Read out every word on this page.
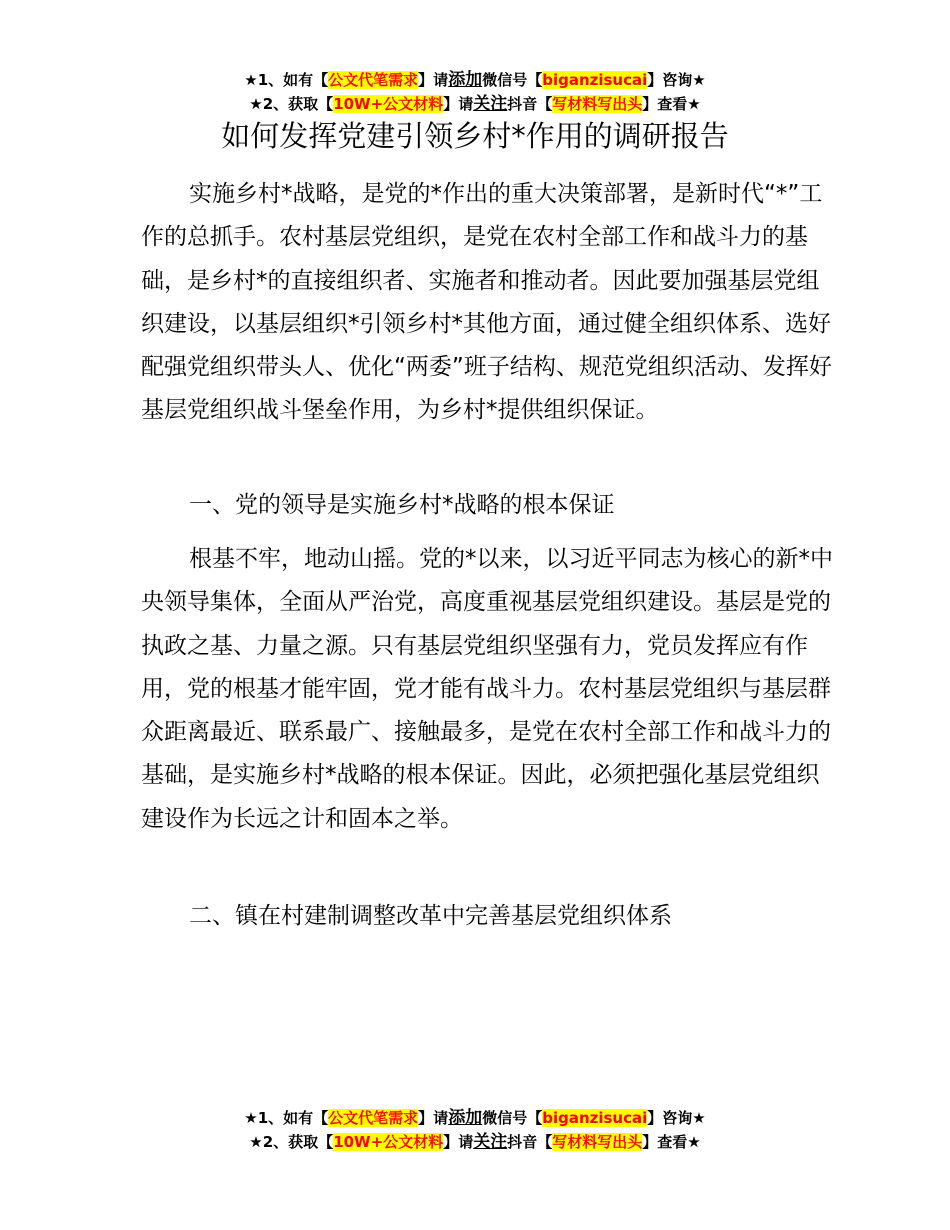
★1、如有【公文代笔需求】请添加微信号【biganzisucai】咨询★
★2、获取【10W+公文材料】请关注抖音【写材料写出头】查看★
如何发挥党建引领乡村*作用的调研报告

实施乡村*战略，是党的*作出的重大决策部署，是新时代“*”工作的总抓手。农村基层党组织，是党在农村全部工作和战斗力的基础，是乡村*的直接组织者、实施者和推动者。因此要加强基层党组织建设，以基层组织*引领乡村*其他方面，通过健全组织体系、选好配强党组织带头人、优化“两委”班子结构、规范党组织活动、发挥好基层党组织战斗堡垒作用，为乡村*提供组织保证。

一、党的领导是实施乡村*战略的根本保证

根基不牢，地动山摇。党的*以来，以习近平同志为核心的新*中央领导集体，全面从严治党，高度重视基层党组织建设。基层是党的执政之基、力量之源。只有基层党组织坚强有力，党员发挥应有作用，党的根基才能牢固，党才能有战斗力。农村基层党组织与基层群众距离最近、联系最广、接触最多，是党在农村全部工作和战斗力的基础，是实施乡村*战略的根本保证。因此，必须把强化基层党组织建设作为长远之计和固本之举。

二、镇在村建制调整改革中完善基层党组织体系

★1、如有【公文代笔需求】请添加微信号【biganzisucai】咨询★
★2、获取【10W+公文材料】请关注抖音【写材料写出头】查看★
